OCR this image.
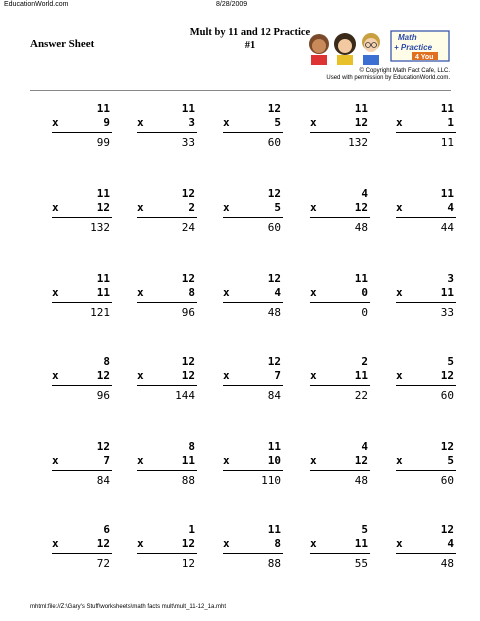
EducationWorld.com	8/28/2009
Answer Sheet
Mult by 11 and 12 Practice
#1
Math
+ Practice
4 You
© Copyright Math Fact Cafe, LLC.
Used with permission by EducationWorld.com.
11
x	9
99
11
x	3
33
12
x	5
60
11
x	12
132
11
x	1
11
11
x	12
132
12
x	2
24
12
x	5
60
4
x	12
48
11
x	4
44
11
x	11
121
12
x	8
96
12
x	4
48
11
x	0
0
3
x	11
33
8
x	12
96
12
x	12
144
12
x	7
84
2
x	11
22
5
x	12
60
12
x	7
84
8
x	11
88
11
x	10
110
4
x	12
48
12
x	5
60
6
x	12
72
1
x	12
12
11
x	8
88
5
x	11
55
12
x	4
48
mhtml:file://Z:\Gary's Stuff\worksheets\math facts mult\mult_11-12_1a.mht
